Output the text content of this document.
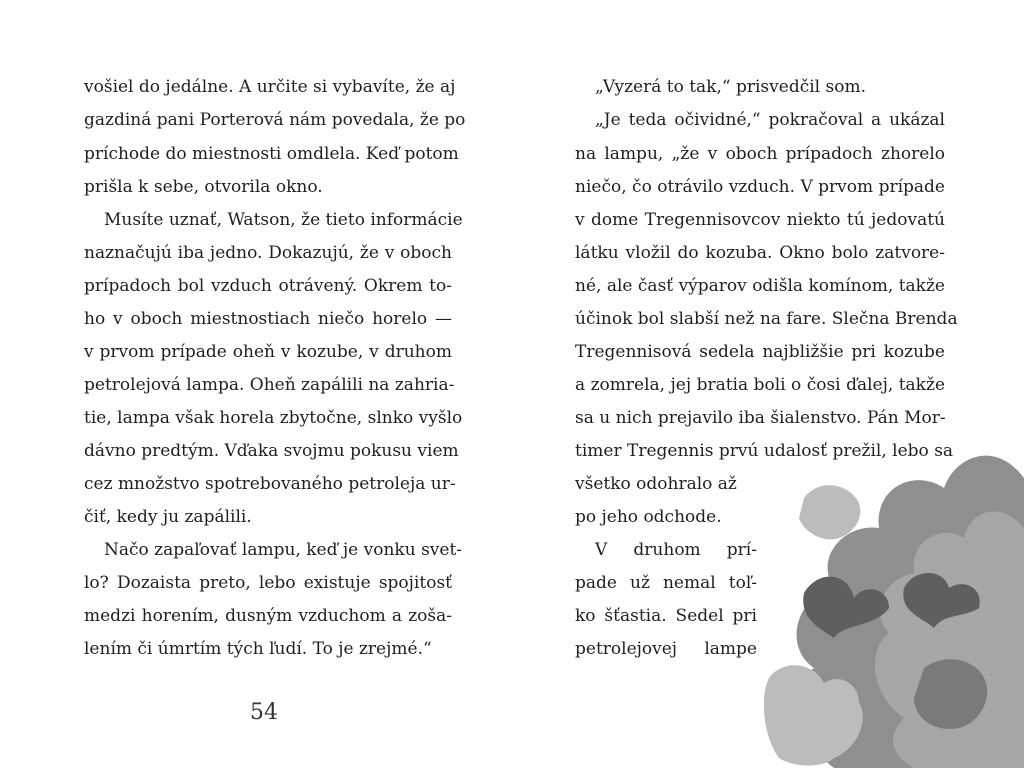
vošiel do jedálne. A určite si vybavíte, že aj
gazdiná pani Porterová nám povedala, že po
príchode do miestnosti omdlela. Keď potom
prišla k sebe, otvorila okno.
Musíte uznať, Watson, že tieto informácie
naznačujú iba jedno. Dokazujú, že v oboch
prípadoch bol vzduch otrávený. Okrem to-
ho v oboch miestnostiach niečo horelo —
v prvom prípade oheň v kozube, v druhom
petrolejová lampa. Oheň zapálili na zahria-
tie, lampa však horela zbytočne, slnko vyšlo
dávno predtým. Vďaka svojmu pokusu viem
cez množstvo spotrebovaného petroleja ur-
čiť, kedy ju zapálili.
Načo zapaľovať lampu, keď je vonku svet-
lo? Dozaista preto, lebo existuje spojitosť
medzi horením, dusným vzduchom a zoša-
lením či úmrtím tých ľudí. To je zrejmé.“
54
„Vyzerá to tak,“ prisvedčil som.
„Je teda očividné,“ pokračoval a ukázal
na lampu, „že v oboch prípadoch zhorelo
niečo, čo otrávilo vzduch. V prvom prípade
v dome Tregennisovcov niekto tú jedovatú
látku vložil do kozuba. Okno bolo zatvore-
né, ale časť výparov odišla komínom, takže
účinok bol slabší než na fare. Slečna Brenda
Tregennisová sedela najbližšie pri kozube
a zomrela, jej bratia boli o čosi ďalej, takže
sa u nich prejavilo iba šialenstvo. Pán Mor-
timer Tregennis prvú udalosť prežil, lebo sa
všetko odohralo až
po jeho odchode.
V druhom prí-
pade už nemal toľ-
ko šťastia. Sedel pri
petrolejovej lampe
